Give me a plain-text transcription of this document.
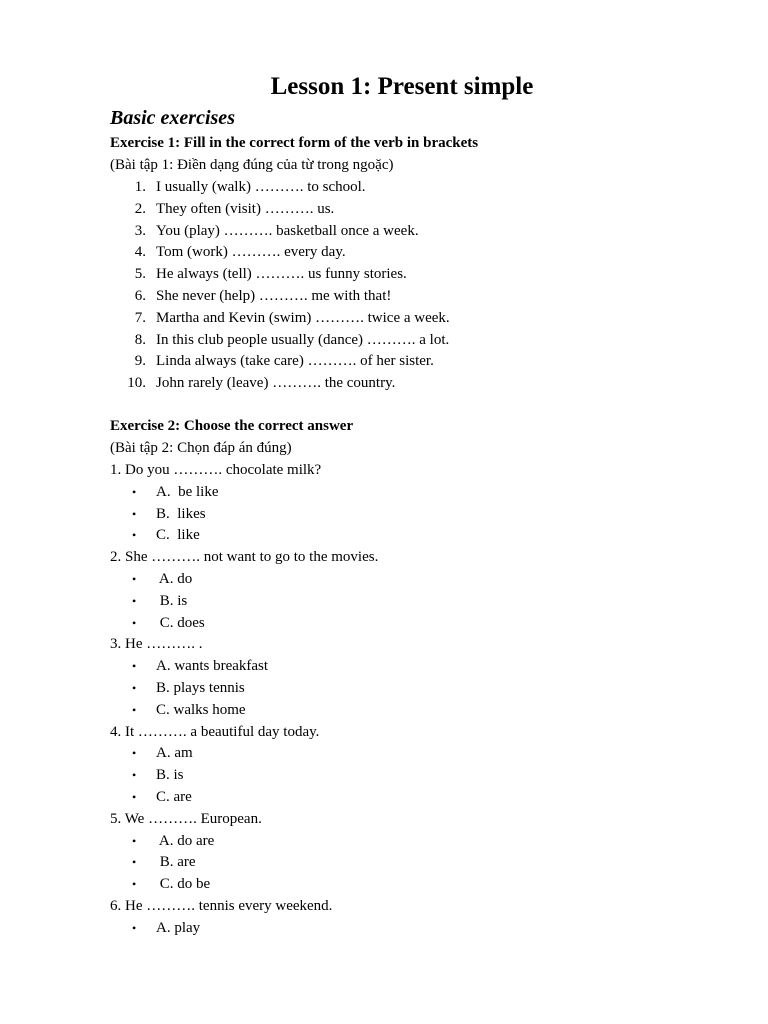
Lesson 1: Present simple
Basic exercises
Exercise 1: Fill in the correct form of the verb in brackets
(Bài tập 1: Điền dạng đúng của từ trong ngoặc)
1. I usually (walk) ………. to school.
2. They often (visit) ………. us.
3. You (play) ………. basketball once a week.
4. Tom (work) ………. every day.
5. He always (tell) ………. us funny stories.
6. She never (help) ………. me with that!
7. Martha and Kevin (swim) ………. twice a week.
8. In this club people usually (dance) ………. a lot.
9. Linda always (take care) ………. of her sister.
10. John rarely (leave) ………. the country.
Exercise 2: Choose the correct answer
(Bài tập 2: Chọn đáp án đúng)
1. Do you ………. chocolate milk?
• A.  be like
• B.  likes
• C.  like
2. She ………. not want to go to the movies.
• A. do
• B. is
• C. does
3. He ………. .
• A. wants breakfast
• B. plays tennis
• C. walks home
4. It ………. a beautiful day today.
• A. am
• B. is
• C. are
5. We ………. European.
• A. do are
• B. are
• C. do be
6. He ………. tennis every weekend.
• A. play
